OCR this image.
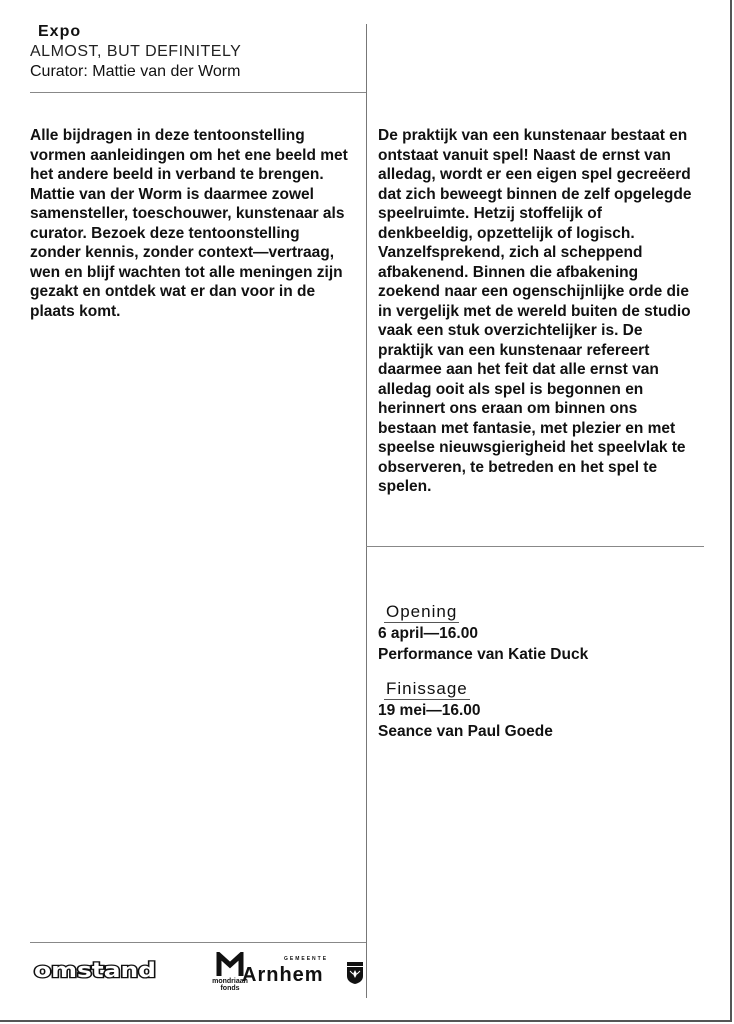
Expo
ALMOST, BUT DEFINITELY
Curator: Mattie van der Worm
Alle bijdragen in deze tentoonstelling vormen aanleidingen om het ene beeld met het andere beeld in verband te brengen. Mattie van der Worm is daarmee zowel samensteller, toeschouwer, kunstenaar als curator. Bezoek deze tentoonstelling zonder kennis, zonder context—vertraag, wen en blijf wachten tot alle meningen zijn gezakt en ontdek wat er dan voor in de plaats komt.
De praktijk van een kunstenaar bestaat en ontstaat vanuit spel! Naast de ernst van alledag, wordt er een eigen spel gecreëerd dat zich beweegt binnen de zelf opgelegde speelruimte. Hetzij stoffelijk of denkbeeldig, opzettelijk of logisch. Vanzelfsprekend, zich al scheppend afbakenend. Binnen die afbakening zoekend naar een ogenschijnlijke orde die in vergelijk met de wereld buiten de studio vaak een stuk overzichtelijker is. De praktijk van een kunstenaar refereert daarmee aan het feit dat alle ernst van alledag ooit als spel is begonnen en herinnert ons eraan om binnen ons bestaan met fantasie, met plezier en met speelse nieuwsgierigheid het speelvlak te observeren, te betreden en het spel te spelen.
Opening
6 april—16.00
Performance van Katie Duck
Finissage
19 mei—16.00
Seance van Paul Goede
omstand	mondriaan fonds
GEMEENTE
Arnhem
